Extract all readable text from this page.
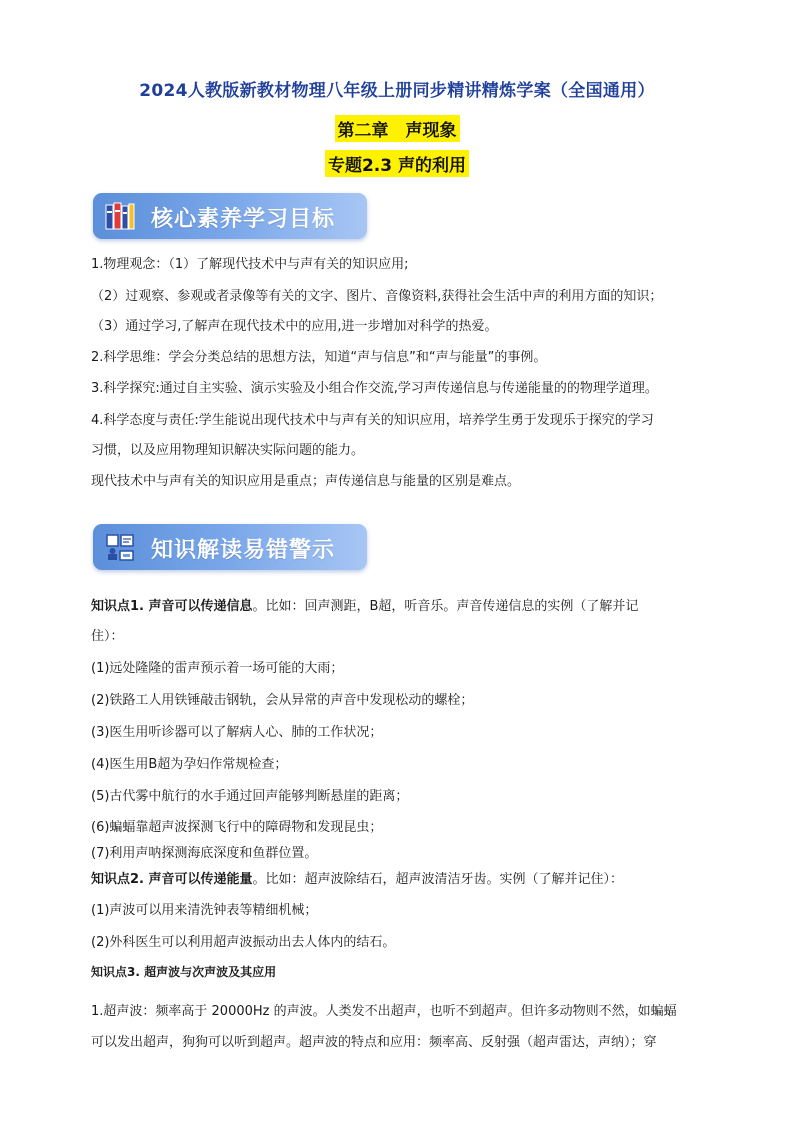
2024人教版新教材物理八年级上册同步精讲精炼学案（全国通用）
第二章　声现象
专题2.3 声的利用
核心素养学习目标
1.物理观念：（1）了解现代技术中与声有关的知识应用;
（2）过观察、参观或者录像等有关的文字、图片、音像资料,获得社会生活中声的利用方面的知识；
（3）通过学习,了解声在现代技术中的应用,进一步增加对科学的热爱。
2.科学思维：学会分类总结的思想方法，知道“声与信息”和“声与能量”的事例。
3.科学探究:通过自主实验、演示实验及小组合作交流,学习声传递信息与传递能量的的物理学道理。
4.科学态度与责任:学生能说出现代技术中与声有关的知识应用，培养学生勇于发现乐于探究的学习
习惯，以及应用物理知识解决实际问题的能力。
现代技术中与声有关的知识应用是重点；声传递信息与能量的区别是难点。
知识解读易错警示
知识点1. 声音可以传递信息。比如：回声测距，B超，听音乐。声音传递信息的实例（了解并记
住）：
(1)远处隆隆的雷声预示着一场可能的大雨；
(2)铁路工人用铁锤敲击钢轨，会从异常的声音中发现松动的螺栓；
(3)医生用听诊器可以了解病人心、肺的工作状况；
(4)医生用B超为孕妇作常规检查；
(5)古代雾中航行的水手通过回声能够判断悬崖的距离；
(6)蝙蝠靠超声波探测飞行中的障碍物和发现昆虫；
(7)利用声呐探测海底深度和鱼群位置。
知识点2. 声音可以传递能量。比如：超声波除结石，超声波清洁牙齿。实例（了解并记住）：
(1)声波可以用来清洗钟表等精细机械；
(2)外科医生可以利用超声波振动出去人体内的结石。
知识点3. 超声波与次声波及其应用
1.超声波：频率高于 20000Hz 的声波。人类发不出超声，也听不到超声。但许多动物则不然，如蝙蝠
可以发出超声，狗狗可以听到超声。超声波的特点和应用：频率高、反射强（超声雷达，声纳）；穿
